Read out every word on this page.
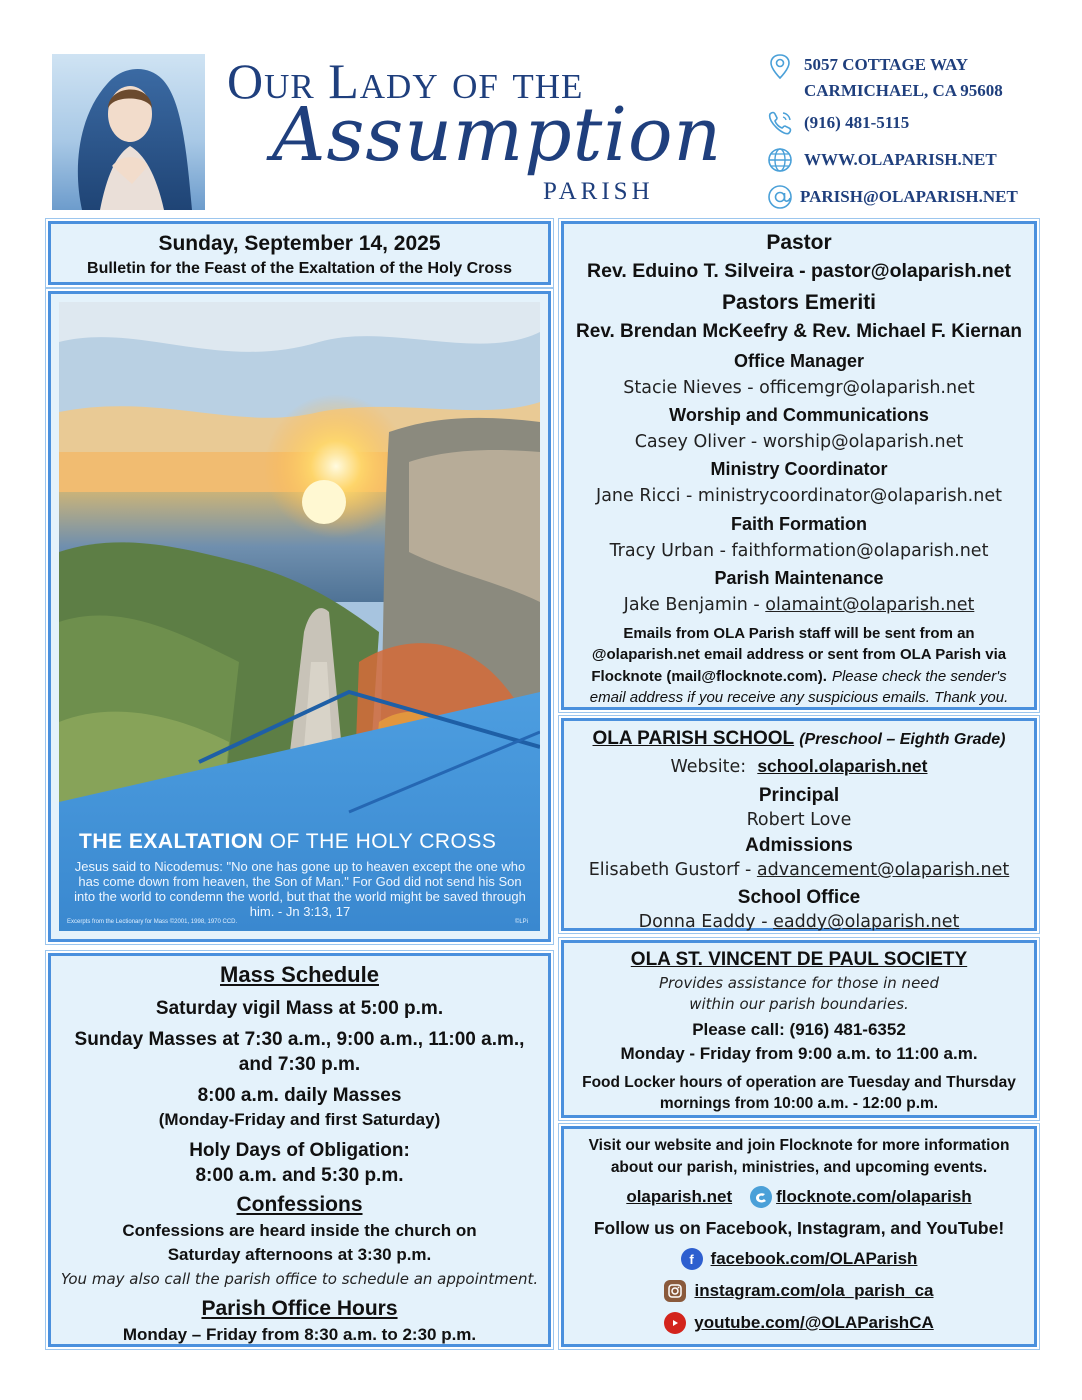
Our Lady of the
Assumption
PARISH
5057 COTTAGE WAY
CARMICHAEL, CA 95608
(916) 481-5115
WWW.OLAPARISH.NET
PARISH@OLAPARISH.NET
Sunday, September 14, 2025
Bulletin for the Feast of the Exaltation of the Holy Cross
THE EXALTATION OF THE HOLY CROSS
Jesus said to Nicodemus: "No one has gone up to heaven except the one who has come down from heaven, the Son of Man." For God did not send his Son into the world to condemn the world, but that the world might be saved through him. - Jn 3:13, 17
Excerpts from the Lectionary for Mass ©2001, 1998, 1970 CCD.	©LPi
Mass Schedule
Saturday vigil Mass at 5:00 p.m.
Sunday Masses at 7:30 a.m., 9:00 a.m., 11:00 a.m.,
and 7:30 p.m.
8:00 a.m. daily Masses
(Monday-Friday and first Saturday)
Holy Days of Obligation:
8:00 a.m. and 5:30 p.m.
Confessions
Confessions are heard inside the church on
Saturday afternoons at 3:30 p.m.
You may also call the parish office to schedule an appointment.
Parish Office Hours
Monday – Friday from 8:30 a.m. to 2:30 p.m.
Pastor
Rev. Eduino T. Silveira - pastor@olaparish.net
Pastors Emeriti
Rev. Brendan McKeefry & Rev. Michael F. Kiernan
Office Manager
Stacie Nieves - officemgr@olaparish.net
Worship and Communications
Casey Oliver - worship@olaparish.net
Ministry Coordinator
Jane Ricci - ministrycoordinator@olaparish.net
Faith Formation
Tracy Urban - faithformation@olaparish.net
Parish Maintenance
Jake Benjamin - olamaint@olaparish.net
Emails from OLA Parish staff will be sent from an
@olaparish.net email address or sent from OLA Parish via
Flocknote (mail@flocknote.com). Please check the sender's
email address if you receive any suspicious emails. Thank you.
OLA PARISH SCHOOL (Preschool – Eighth Grade)
Website: school.olaparish.net
Principal
Robert Love
Admissions
Elisabeth Gustorf - advancement@olaparish.net
School Office
Donna Eaddy - eaddy@olaparish.net
OLA ST. VINCENT DE PAUL SOCIETY
Provides assistance for those in need
within our parish boundaries.
Please call: (916) 481-6352
Monday - Friday from 9:00 a.m. to 11:00 a.m.
Food Locker hours of operation are Tuesday and Thursday
mornings from 10:00 a.m. - 12:00 p.m.
Visit our website and join Flocknote for more information
about our parish, ministries, and upcoming events.
olaparish.net	flocknote.com/olaparish
Follow us on Facebook, Instagram, and YouTube!
f facebook.com/OLAParish
instagram.com/ola_parish_ca
youtube.com/@OLAParishCA
